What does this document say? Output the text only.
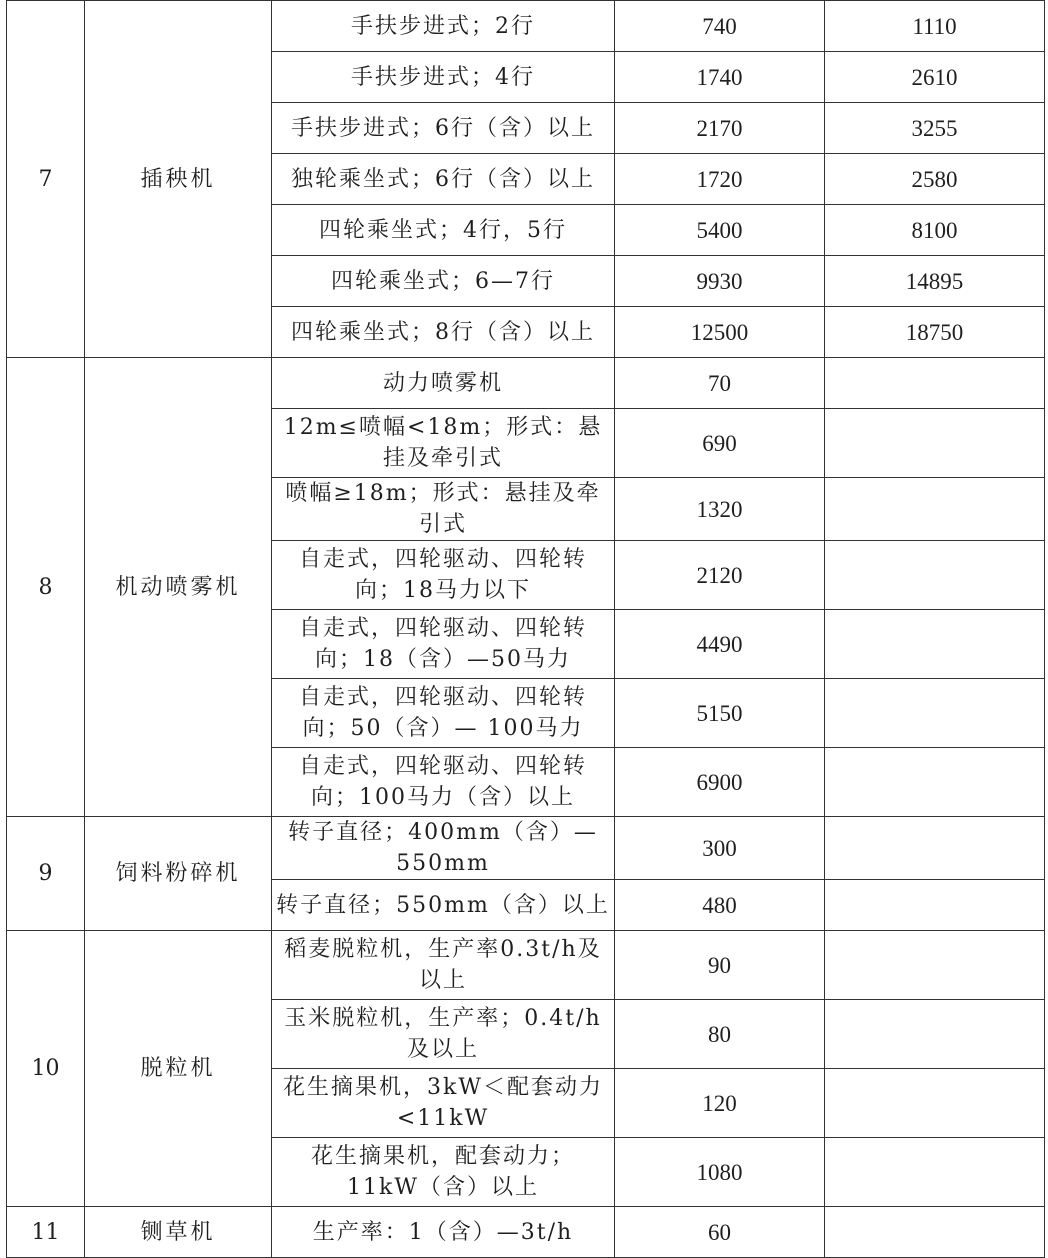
7	插秧机	手扶步进式；2行	740	1110
		手扶步进式；4行	1740	2610
		手扶步进式；6行（含）以上	2170	3255
		独轮乘坐式；6行（含）以上	1720	2580
		四轮乘坐式；4行，5行	5400	8100
		四轮乘坐式；6—7行	9930	14895
		四轮乘坐式；8行（含）以上	12500	18750
8	机动喷雾机	动力喷雾机	70	
		12m≤喷幅<18m；形式：悬挂及牵引式	690	
		喷幅≥18m；形式：悬挂及牵引式	1320	
		自走式，四轮驱动、四轮转向；18马力以下	2120	
		自走式，四轮驱动、四轮转向；18（含）—50马力	4490	
		自走式，四轮驱动、四轮转向；50（含）— 100马力	5150	
		自走式，四轮驱动、四轮转向；100马力（含）以上	6900	
9	饲料粉碎机	转子直径；400mm（含）—550mm	300	
		转子直径；550mm（含）以上	480	
10	脱粒机	稻麦脱粒机，生产率0.3t/h及以上	90	
		玉米脱粒机，生产率；0.4t/h及以上	80	
		花生摘果机，3kW＜配套动力<11kW	120	
		花生摘果机，配套动力；11kW（含）以上	1080	
11	铡草机	生产率：1（含）—3t/h	60	
